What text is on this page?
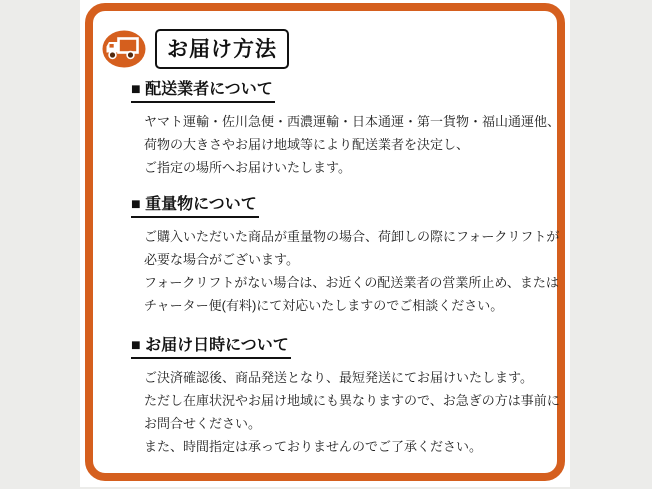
お届け方法
■ 配送業者について
ヤマト運輸・佐川急便・西濃運輸・日本通運・第一貨物・福山通運他、
荷物の大きさやお届け地域等により配送業者を決定し、
ご指定の場所へお届けいたします。
■ 重量物について
ご購入いただいた商品が重量物の場合、荷卸しの際にフォークリフトが
必要な場合がございます。
フォークリフトがない場合は、お近くの配送業者の営業所止め、または
チャーター便(有料)にて対応いたしますのでご相談ください。
■ お届け日時について
ご決済確認後、商品発送となり、最短発送にてお届けいたします。
ただし在庫状況やお届け地域にも異なりますので、お急ぎの方は事前に
お問合せください。
また、時間指定は承っておりませんのでご了承ください。
